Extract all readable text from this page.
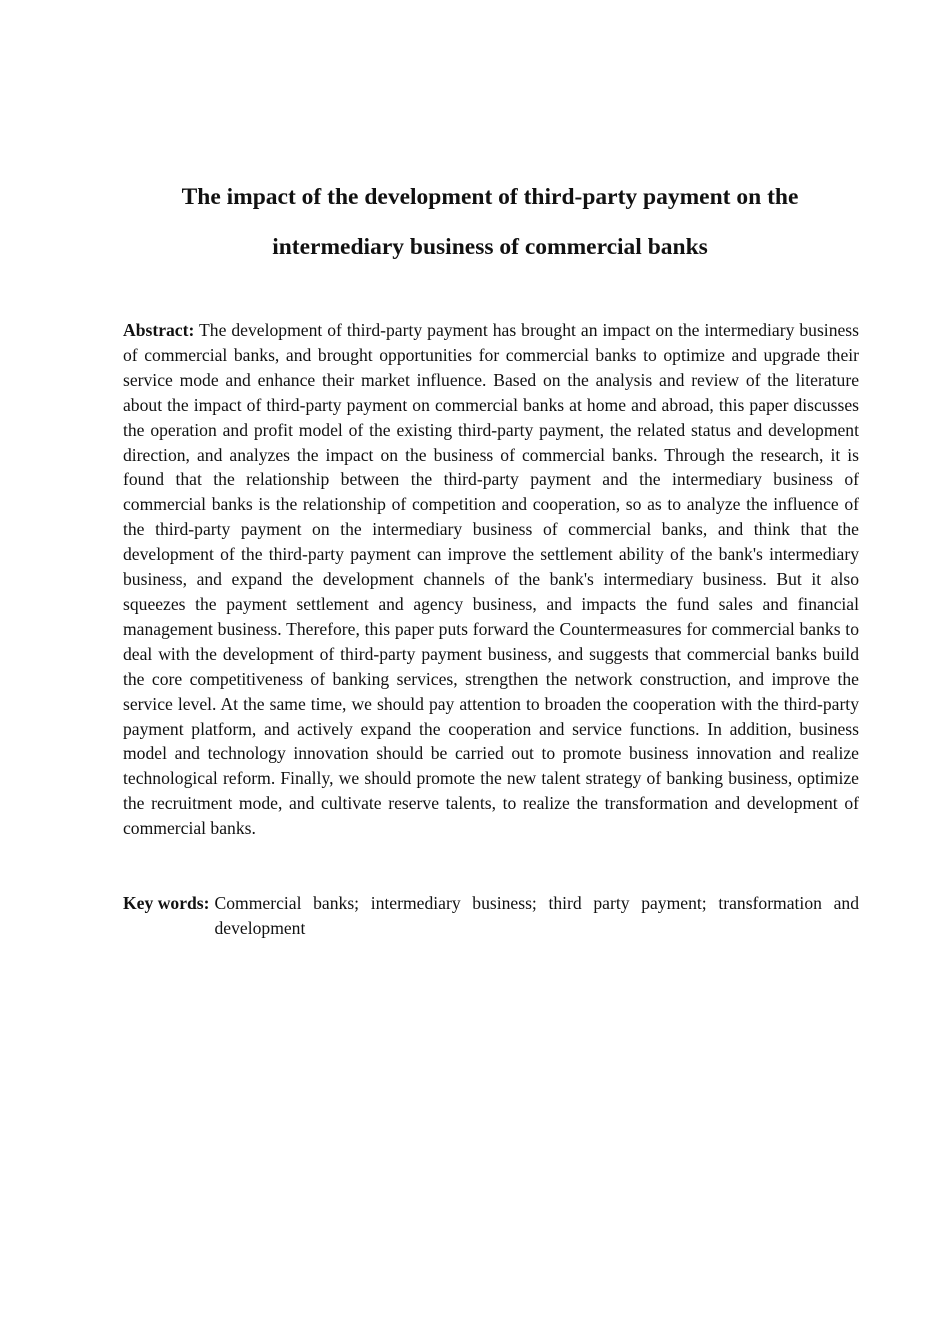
The impact of the development of third-party payment on the
intermediary business of commercial banks

Abstract: The development of third-party payment has brought an impact on the intermediary business of commercial banks, and brought opportunities for commercial banks to optimize and upgrade their service mode and enhance their market influence. Based on the analysis and review of the literature about the impact of third-party payment on commercial banks at home and abroad, this paper discusses the operation and profit model of the existing third-party payment, the related status and development direction, and analyzes the impact on the business of commercial banks. Through the research, it is found that the relationship between the third-party payment and the intermediary business of commercial banks is the relationship of competition and cooperation, so as to analyze the influence of the third-party payment on the intermediary business of commercial banks, and think that the development of the third-party payment can improve the settlement ability of the bank's intermediary business, and expand the development channels of the bank's intermediary business. But it also squeezes the payment settlement and agency business, and impacts the fund sales and financial management business. Therefore, this paper puts forward the Countermeasures for commercial banks to deal with the development of third-party payment business, and suggests that commercial banks build the core competitiveness of banking services, strengthen the network construction, and improve the service level. At the same time, we should pay attention to broaden the cooperation with the third-party payment platform, and actively expand the cooperation and service functions. In addition, business model and technology innovation should be carried out to promote business innovation and realize technological reform. Finally, we should promote the new talent strategy of banking business, optimize the recruitment mode, and cultivate reserve talents, to realize the transformation and development of commercial banks.

Key words: Commercial banks; intermediary business; third party payment; transformation and development
